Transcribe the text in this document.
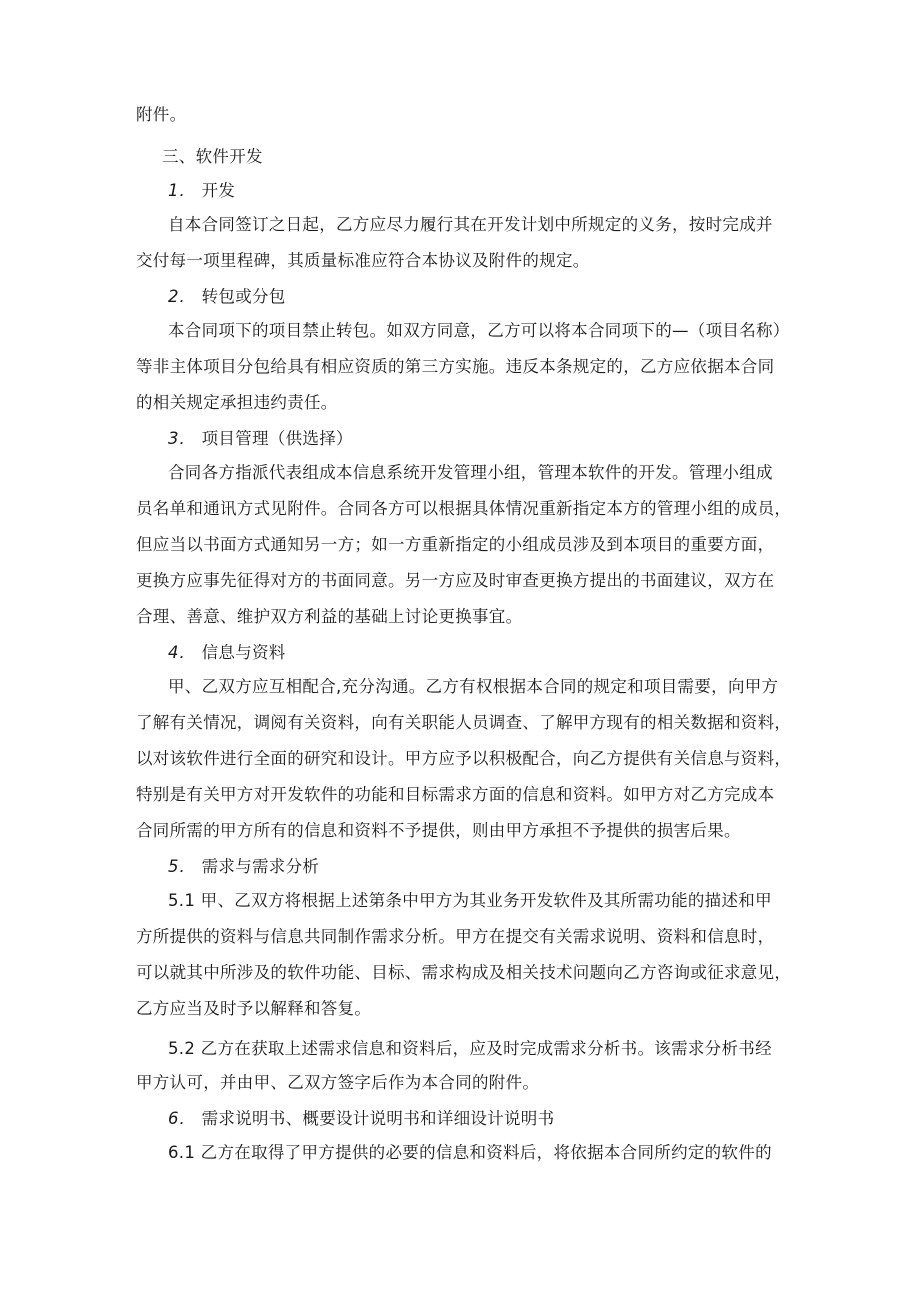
附件。
三、软件开发
1． 开发
自本合同签订之日起，乙方应尽力履行其在开发计划中所规定的义务，按时完成并
交付每一项里程碑，其质量标准应符合本协议及附件的规定。
2． 转包或分包
本合同项下的项目禁止转包。如双方同意，乙方可以将本合同项下的—（项目名称）
等非主体项目分包给具有相应资质的第三方实施。违反本条规定的，乙方应依据本合同
的相关规定承担违约责任。
3． 项目管理（供选择）
合同各方指派代表组成本信息系统开发管理小组，管理本软件的开发。管理小组成
员名单和通讯方式见附件。合同各方可以根据具体情况重新指定本方的管理小组的成员，
但应当以书面方式通知另一方；如一方重新指定的小组成员涉及到本项目的重要方面，
更换方应事先征得对方的书面同意。另一方应及时审查更换方提出的书面建议，双方在
合理、善意、维护双方利益的基础上讨论更换事宜。
4． 信息与资料
甲、乙双方应互相配合,充分沟通。乙方有权根据本合同的规定和项目需要，向甲方
了解有关情况，调阅有关资料，向有关职能人员调查、了解甲方现有的相关数据和资料，
以对该软件进行全面的研究和设计。甲方应予以积极配合，向乙方提供有关信息与资料，
特别是有关甲方对开发软件的功能和目标需求方面的信息和资料。如甲方对乙方完成本
合同所需的甲方所有的信息和资料不予提供，则由甲方承担不予提供的损害后果。
5． 需求与需求分析
5.1 甲、乙双方将根据上述第条中甲方为其业务开发软件及其所需功能的描述和甲
方所提供的资料与信息共同制作需求分析。甲方在提交有关需求说明、资料和信息时，
可以就其中所涉及的软件功能、目标、需求构成及相关技术问题向乙方咨询或征求意见，
乙方应当及时予以解释和答复。
5.2 乙方在获取上述需求信息和资料后，应及时完成需求分析书。该需求分析书经
甲方认可，并由甲、乙双方签字后作为本合同的附件。
6． 需求说明书、概要设计说明书和详细设计说明书
6.1 乙方在取得了甲方提供的必要的信息和资料后，将依据本合同所约定的软件的
